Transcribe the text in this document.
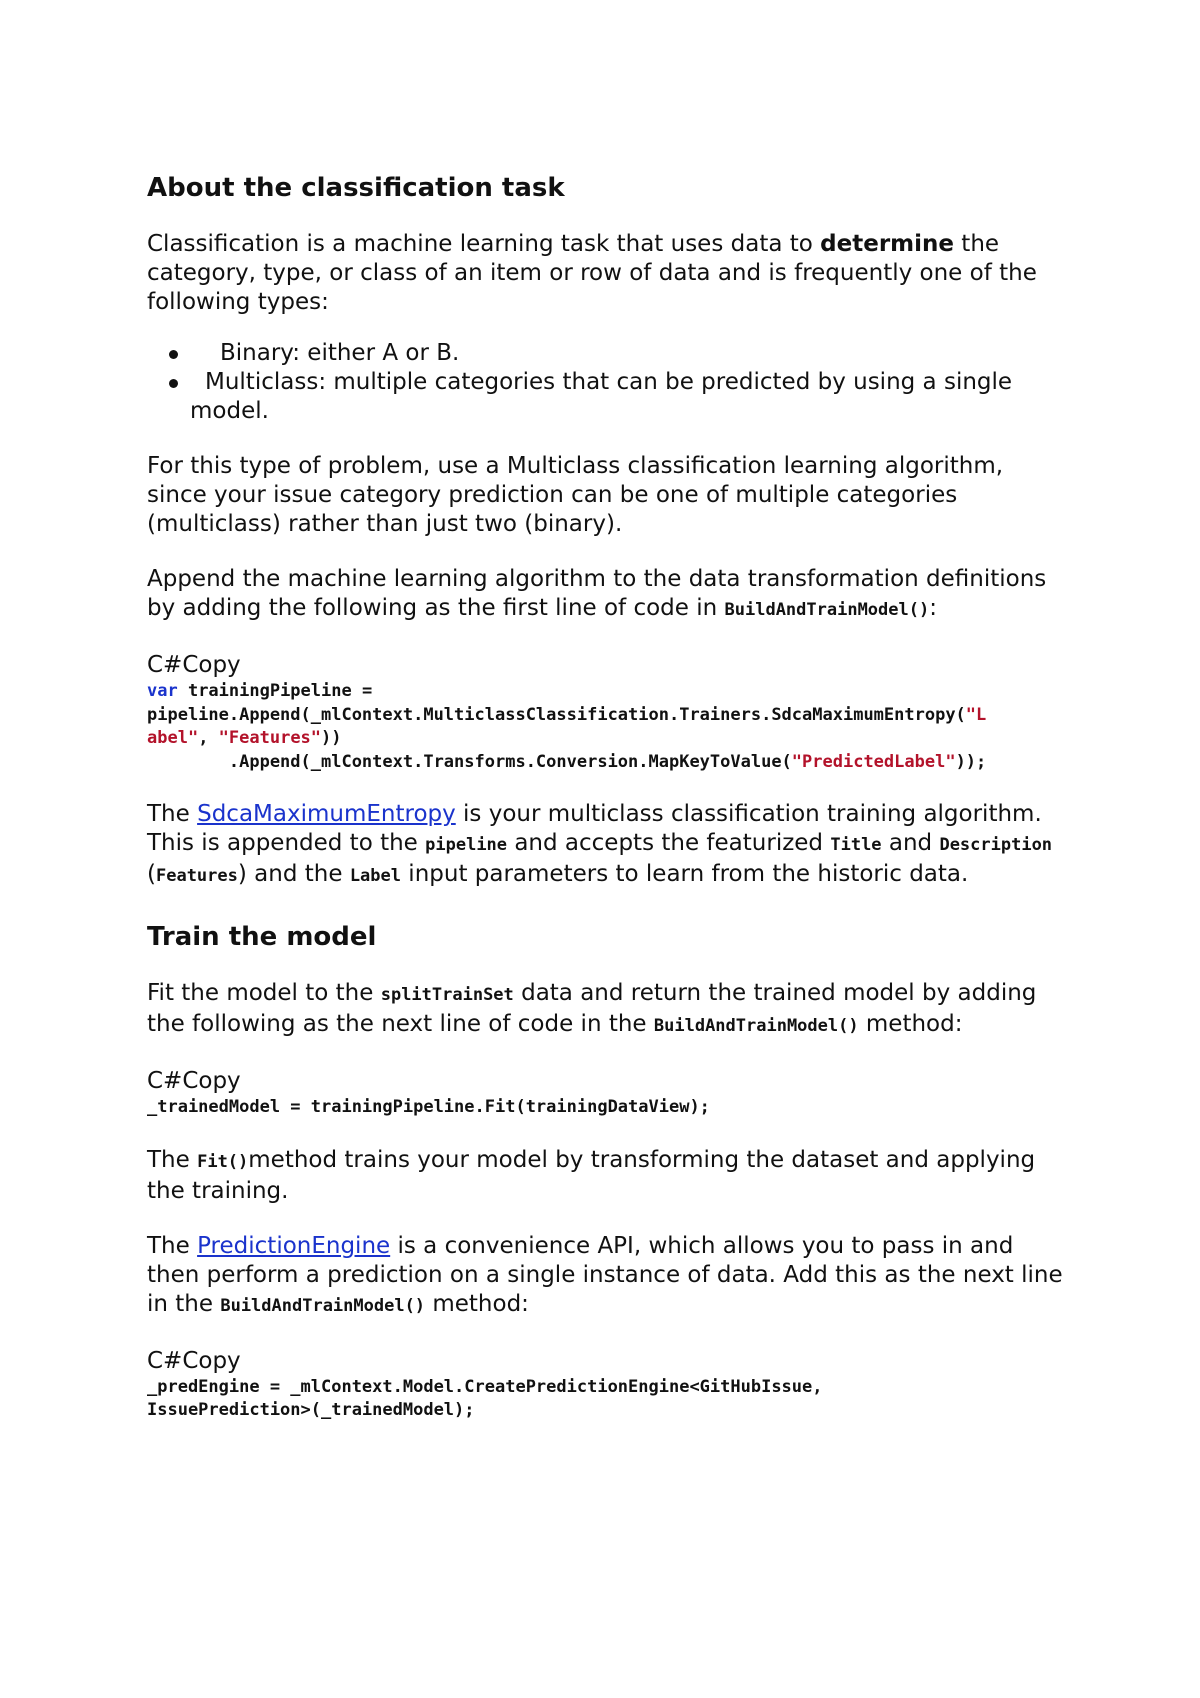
About the classification task

Classification is a machine learning task that uses data to determine the category, type, or class of an item or row of data and is frequently one of the following types:

Binary: either A or B.
Multiclass: multiple categories that can be predicted by using a single model.

For this type of problem, use a Multiclass classification learning algorithm, since your issue category prediction can be one of multiple categories (multiclass) rather than just two (binary).

Append the machine learning algorithm to the data transformation definitions by adding the following as the first line of code in BuildAndTrainModel():

C#Copy

var trainingPipeline =
pipeline.Append(_mlContext.MulticlassClassification.Trainers.SdcaMaximumEntropy("L
abel", "Features"))
.Append(_mlContext.Transforms.Conversion.MapKeyToValue("PredictedLabel"));

The SdcaMaximumEntropy is your multiclass classification training algorithm. This is appended to the pipeline and accepts the featurized Title and Description (Features) and the Label input parameters to learn from the historic data.

Train the model

Fit the model to the splitTrainSet data and return the trained model by adding the following as the next line of code in the BuildAndTrainModel() method:

C#Copy

_trainedModel = trainingPipeline.Fit(trainingDataView);

The Fit()method trains your model by transforming the dataset and applying the training.

The PredictionEngine is a convenience API, which allows you to pass in and then perform a prediction on a single instance of data. Add this as the next line in the BuildAndTrainModel() method:

C#Copy

_predEngine = _mlContext.Model.CreatePredictionEngine<GitHubIssue,
IssuePrediction>(_trainedModel);
